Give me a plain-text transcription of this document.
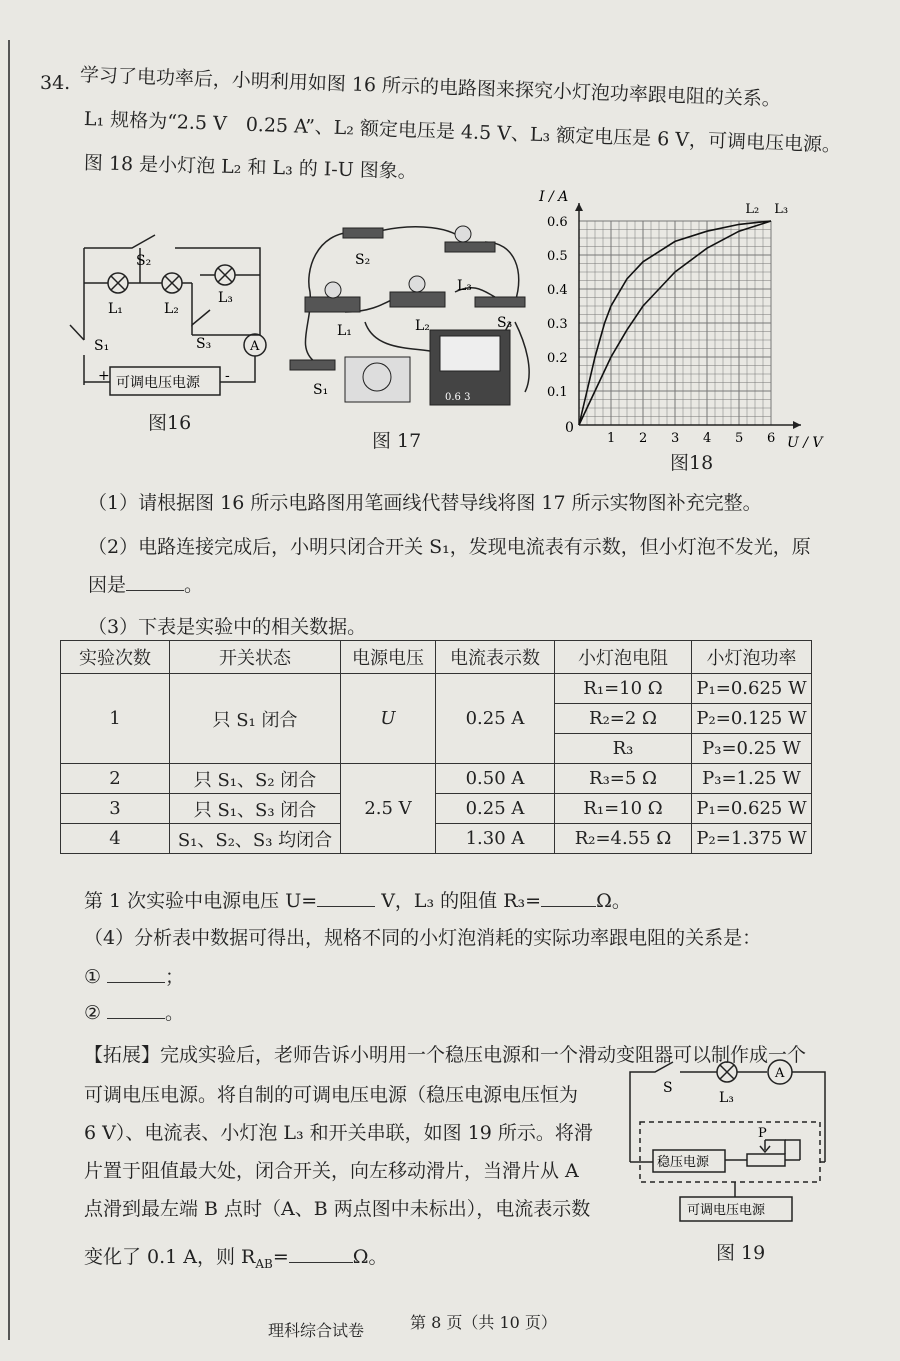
34. 学习了电功率后，小明利用如图 16 所示的电路图来探究小灯泡功率跟电阻的关系。
L₁ 规格为“2.5 V　0.25 A”、L₂ 额定电压是 4.5 V、L₃ 额定电压是 6 V，可调电压电源。
图 18 是小灯泡 L₂ 和 L₃ 的 I-U 图象。
S₂
L₁	L₂
L₃
S₃
S₁	A
+	-
可调电压电源
图16
0.6 3
S₂
L₃
L₁	L₂	S₃
S₁
图 17	1 2 3 4 5 6
0.1
0.2
0.3
0.4
0.5
0.6
L₂ L₃
I / A
U / V
0
图18
（1）请根据图 16 所示电路图用笔画线代替导线将图 17 所示实物图补充完整。
（2）电路连接完成后，小明只闭合开关 S₁，发现电流表有示数，但小灯泡不发光，原
因是	。
（3）下表是实验中的相关数据。
实验次数	开关状态	电源电压	电流表示数	小灯泡电阻	小灯泡功率
1	只 S₁ 闭合	U	0.25 A	R₁=10 Ω	P₁=0.625 W
				R₂=2 Ω	P₂=0.125 W
				R₃	P₃=0.25 W
2	只 S₁、S₂ 闭合	2.5 V	0.50 A	R₃=5 Ω	P₃=1.25 W
3	只 S₁、S₃ 闭合		0.25 A	R₁=10 Ω	P₁=0.625 W
4	S₁、S₂、S₃ 均闭合		1.30 A	R₂=4.55 Ω	P₂=1.375 W
第 1 次实验中电源电压 U=	V，L₃ 的阻值 R₃=	Ω。
（4）分析表中数据可得出，规格不同的小灯泡消耗的实际功率跟电阻的关系是：
①	；
②	。
【拓展】完成实验后，老师告诉小明用一个稳压电源和一个滑动变阻器可以制作成一个
可调电压电源。将自制的可调电压电源（稳压电源电压恒为
6 V）、电流表、小灯泡 L₃ 和开关串联，如图 19 所示。将滑
片置于阻值最大处，闭合开关，向左移动滑片，当滑片从 A
点滑到最左端 B 点时（A、B 两点图中未标出），电流表示数
变化了 0.1 A，则 $R_{AB}=$	Ω。
S
L₃
A
P
稳压电源
可调电压电源
图 19
理科综合试卷	第 8 页（共 10 页）
